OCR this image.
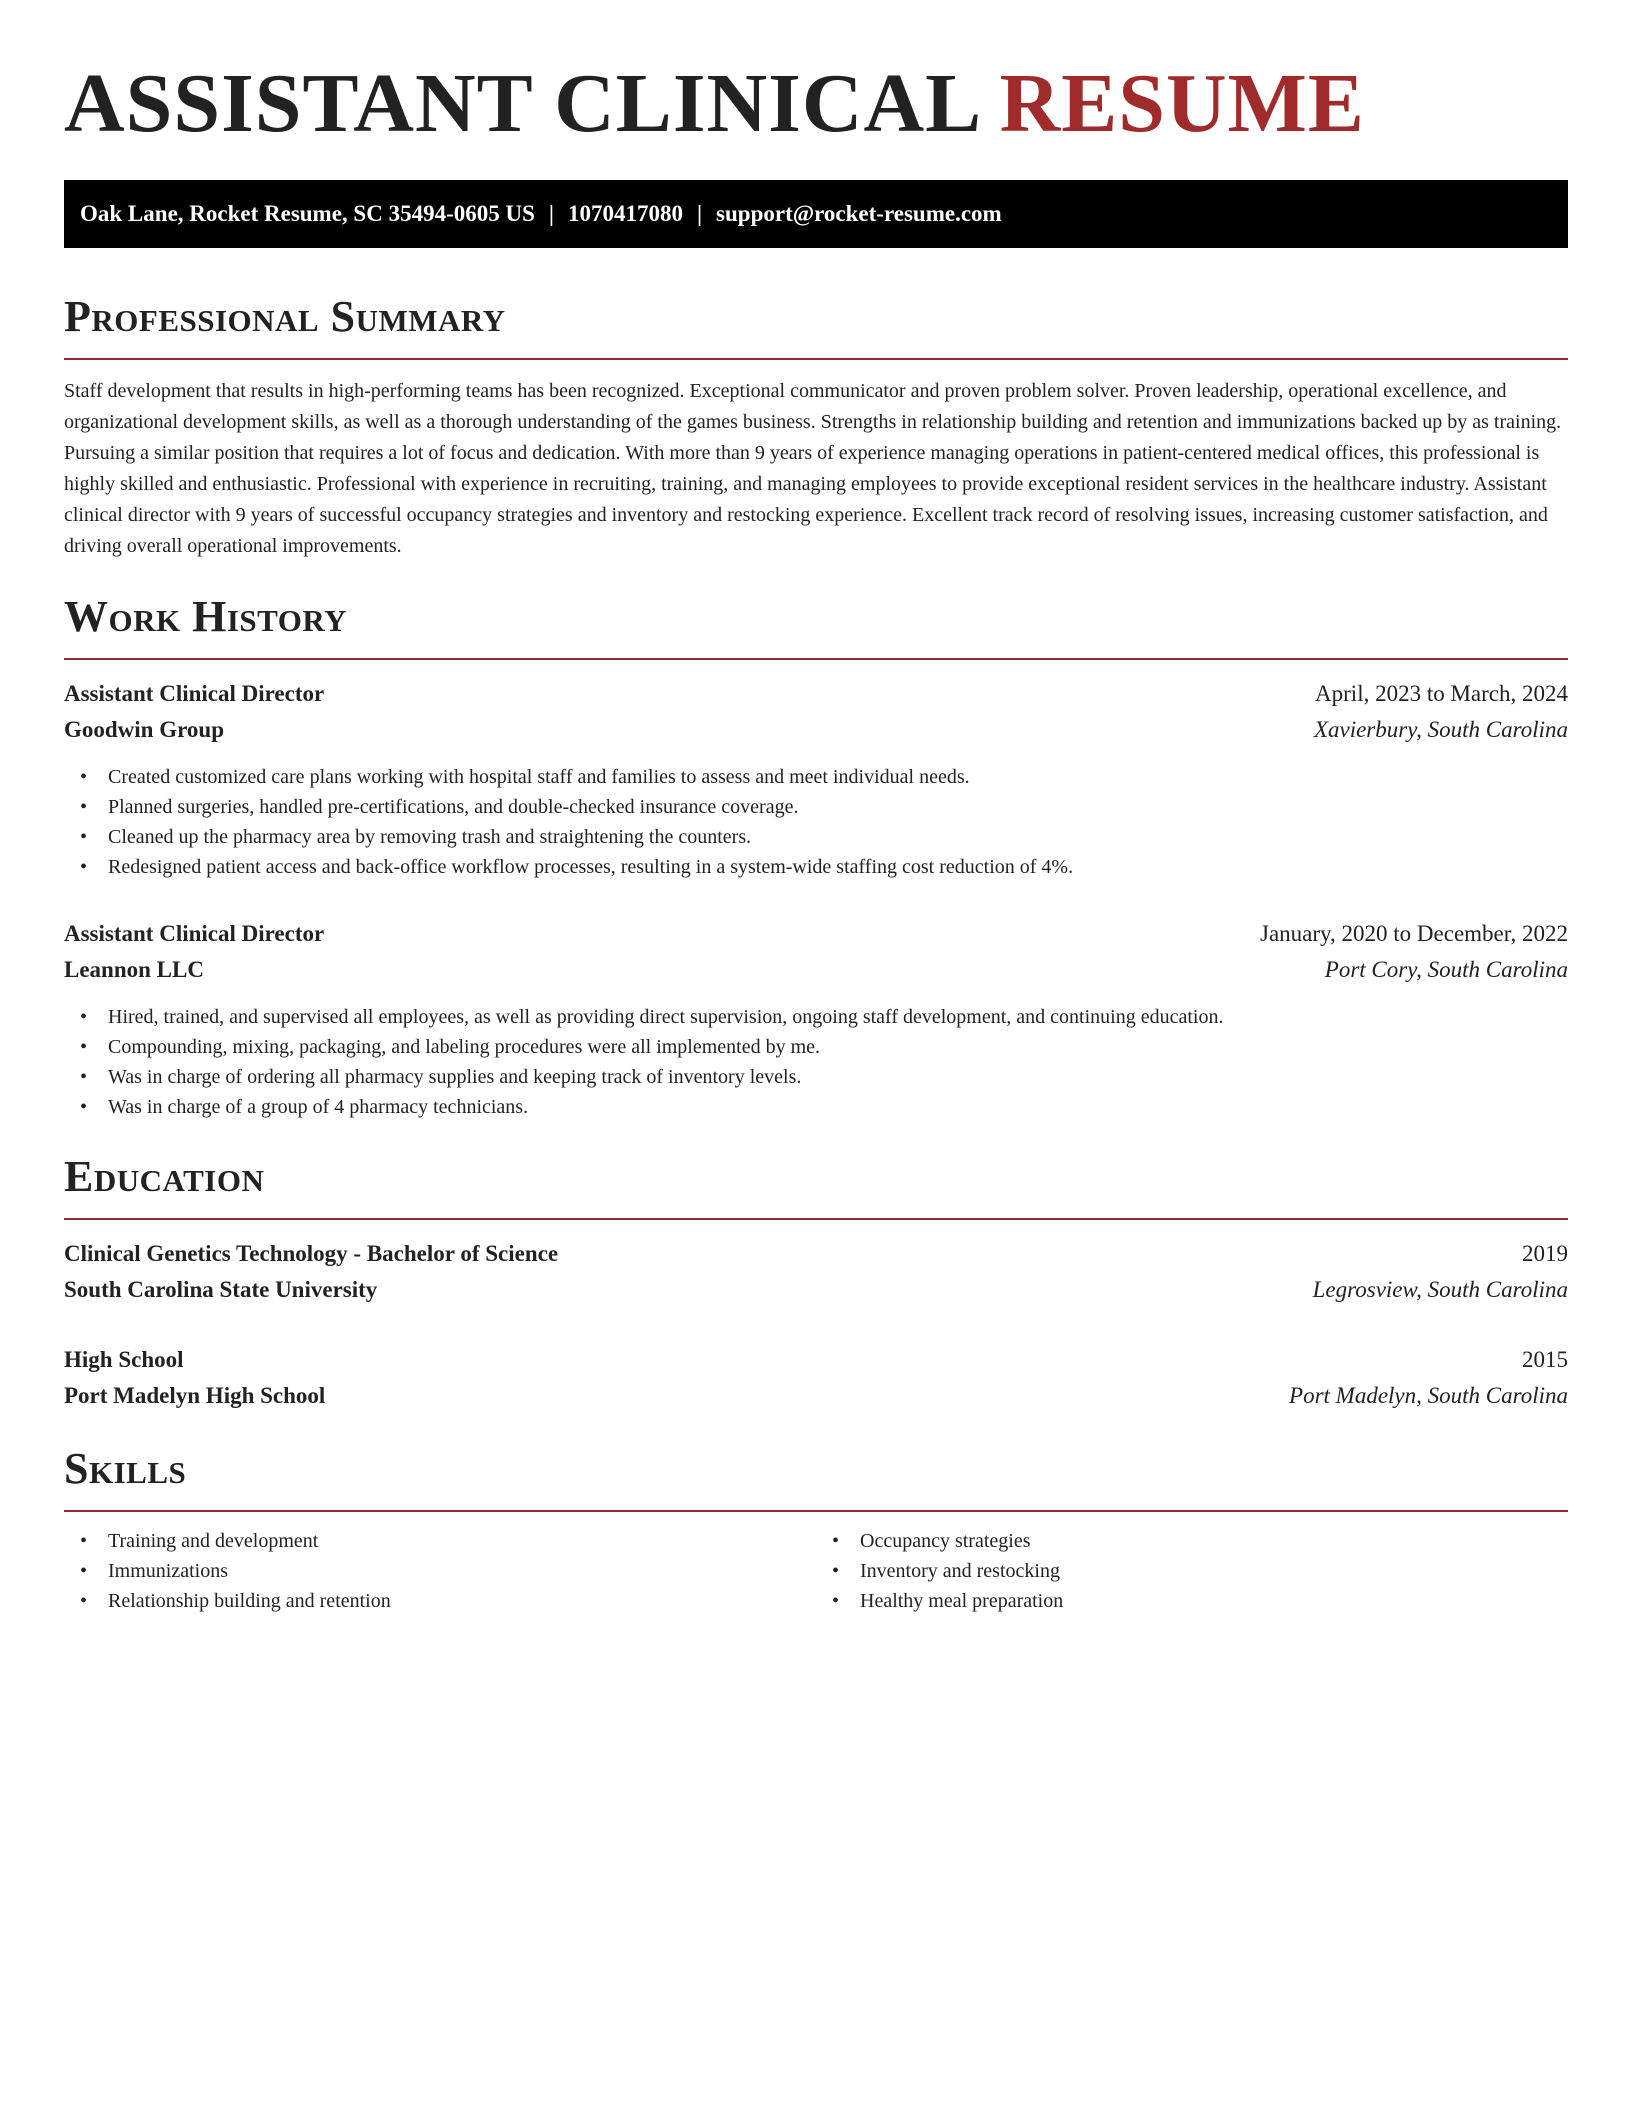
ASSISTANT CLINICAL RESUME
Oak Lane, Rocket Resume, SC 35494-0605 US | 1070417080 | support@rocket-resume.com
Professional Summary

Staff development that results in high-performing teams has been recognized. Exceptional communicator and proven problem solver. Proven leadership, operational excellence, and organizational development skills, as well as a thorough understanding of the games business. Strengths in relationship building and retention and immunizations backed up by as training. Pursuing a similar position that requires a lot of focus and dedication. With more than 9 years of experience managing operations in patient-centered medical offices, this professional is highly skilled and enthusiastic. Professional with experience in recruiting, training, and managing employees to provide exceptional resident services in the healthcare industry. Assistant clinical director with 9 years of successful occupancy strategies and inventory and restocking experience. Excellent track record of resolving issues, increasing customer satisfaction, and driving overall operational improvements.

Work History
Assistant Clinical Director	April, 2023 to March, 2024
Goodwin Group	Xavierbury, South Carolina
• Created customized care plans working with hospital staff and families to assess and meet individual needs.
• Planned surgeries, handled pre-certifications, and double-checked insurance coverage.
• Cleaned up the pharmacy area by removing trash and straightening the counters.
• Redesigned patient access and back-office workflow processes, resulting in a system-wide staffing cost reduction of 4%.
Assistant Clinical Director	January, 2020 to December, 2022
Leannon LLC	Port Cory, South Carolina
• Hired, trained, and supervised all employees, as well as providing direct supervision, ongoing staff development, and continuing education.
• Compounding, mixing, packaging, and labeling procedures were all implemented by me.
• Was in charge of ordering all pharmacy supplies and keeping track of inventory levels.
• Was in charge of a group of 4 pharmacy technicians.
Education
Clinical Genetics Technology - Bachelor of Science	2019
South Carolina State University	Legrosview, South Carolina
High School	2015
Port Madelyn High School	Port Madelyn, South Carolina
Skills
• Training and development
• Immunizations
• Relationship building and retention
• Occupancy strategies
• Inventory and restocking
• Healthy meal preparation
